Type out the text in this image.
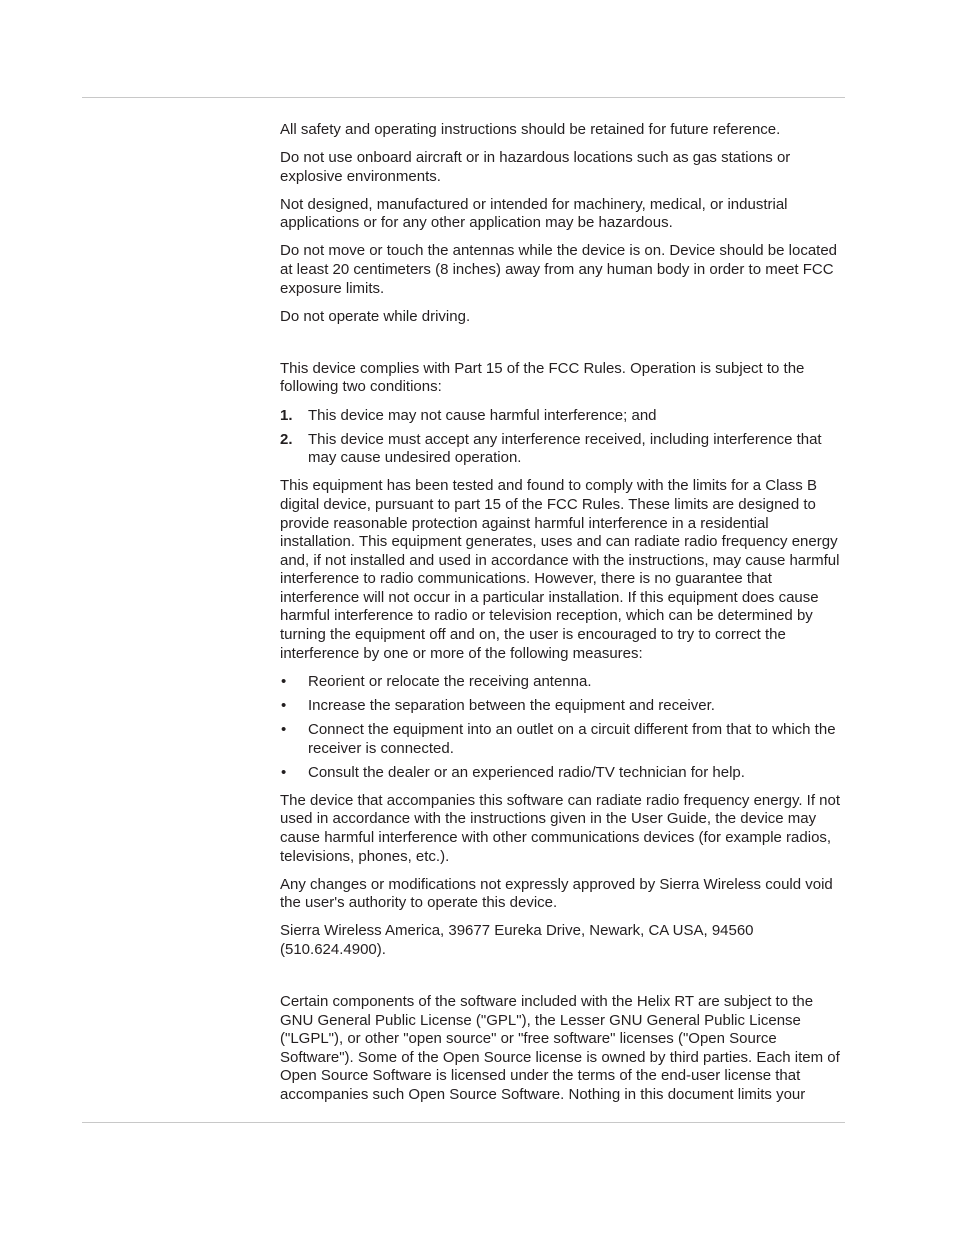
All safety and operating instructions should be retained for future reference.

Do not use onboard aircraft or in hazardous locations such as gas stations or explosive environments.

Not designed, manufactured or intended for machinery, medical, or industrial applications or for any other application may be hazardous.

Do not move or touch the antennas while the device is on. Device should be located at least 20 centimeters (8 inches) away from any human body in order to meet FCC exposure limits.

Do not operate while driving.

This device complies with Part 15 of the FCC Rules. Operation is subject to the following two conditions:

1. This device may not cause harmful interference; and
2. This device must accept any interference received, including interference that may cause undesired operation.

This equipment has been tested and found to comply with the limits for a Class B digital device, pursuant to part 15 of the FCC Rules. These limits are designed to provide reasonable protection against harmful interference in a residential installation. This equipment generates, uses and can radiate radio frequency energy and, if not installed and used in accordance with the instructions, may cause harmful interference to radio communications. However, there is no guarantee that interference will not occur in a particular installation. If this equipment does cause harmful interference to radio or television reception, which can be determined by turning the equipment off and on, the user is encouraged to try to correct the interference by one or more of the following measures:

• Reorient or relocate the receiving antenna.
• Increase the separation between the equipment and receiver.
• Connect the equipment into an outlet on a circuit different from that to which the receiver is connected.
• Consult the dealer or an experienced radio/TV technician for help.

The device that accompanies this software can radiate radio frequency energy. If not used in accordance with the instructions given in the User Guide, the device may cause harmful interference with other communications devices (for example radios, televisions, phones, etc.).

Any changes or modifications not expressly approved by Sierra Wireless could void the user's authority to operate this device.

Sierra Wireless America, 39677 Eureka Drive, Newark, CA USA, 94560 (510.624.4900).

Certain components of the software included with the Helix RT are subject to the GNU General Public License ("GPL"), the Lesser GNU General Public License ("LGPL"), or other "open source" or "free software" licenses ("Open Source Software"). Some of the Open Source license is owned by third parties. Each item of Open Source Software is licensed under the terms of the end-user license that accompanies such Open Source Software. Nothing in this document limits your
